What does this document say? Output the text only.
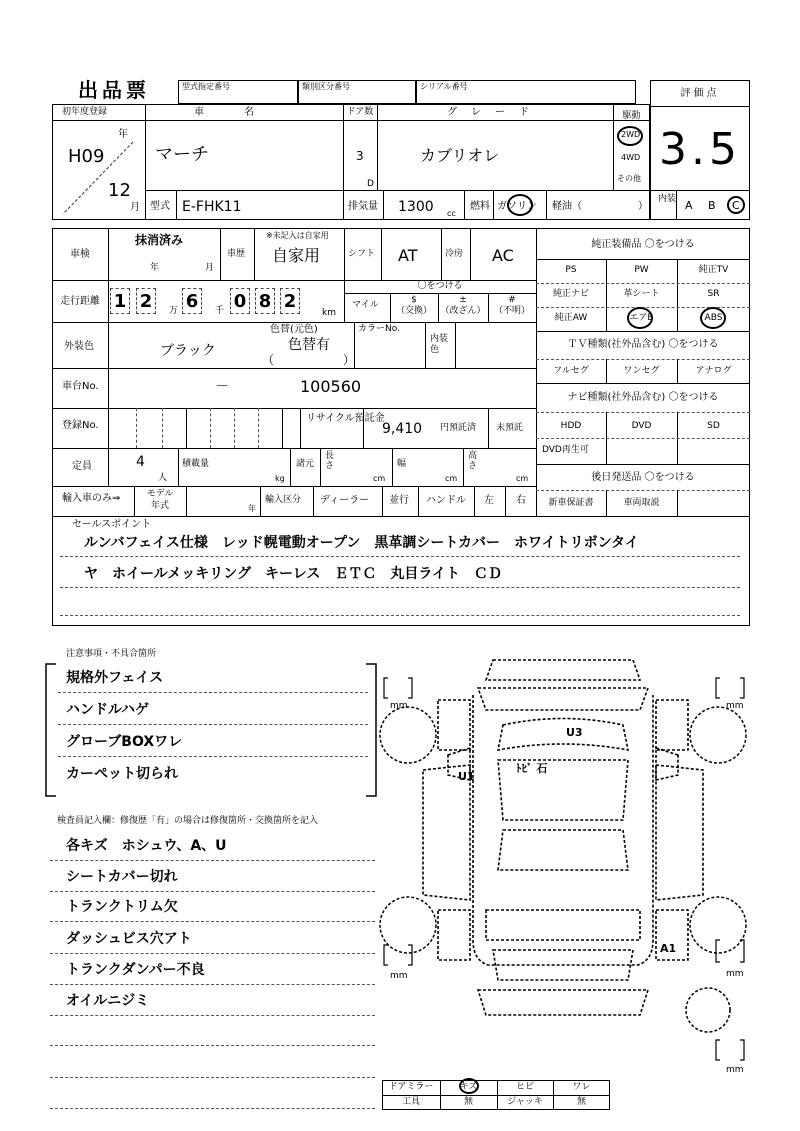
出品票	型式指定番号	類別区分番号	シリアル番号
評価点
3.5
内装 A B C
初年度登録	車名	ドア数	グレード	駆動
年
H09
12
月
マーチ	3
D
カブリオレ
2WD
4WD
その他
型式 E-FHK11	排気量 1300 cc
燃料 ガソリン 軽油（	）
車検
抹消済み
年	月
車歴
※未記入は自家用
自家用	シフト AT	冷房 AC
走行距離 1 2	万 6	千 0 8 2
km
〇をつける
マイル	$
（交換）
±
（改ざん）
#
（不明）
外装色
色替(元色)
ブラック	色替有
（	）
カラーNo.
内装色
車台No.	－	100560
登録No.
リサイクル預託金
9,410 円預託済 未預託
定員	4
人
積載量
kg
諸元
長さ
cm
幅
cm
高さ
cm
輸入車のみ⇒	モデル
年式	年
輸入区分 ディーラー 並行 ハンドル 左 右
純正装備品 〇をつける
PS	PW	純正TV
純正ナビ	革シート	SR
純正AW	エアB	ABS
ＴＶ種類(社外品含む) 〇をつける
フルセグ	ワンセグ	アナログ
ナビ種類(社外品含む) 〇をつける
HDD	DVD	SD
DVD再生可
後日発送品 〇をつける
新車保証書	車両取説
セールスポイント
ルンバフェイス仕様　レッド幌電動オープン　黒革調シートカバー　ホワイトリボンタイ
ヤ　ホイールメッキリング　キーレス　ＥＴＣ　丸目ライト　ＣＤ
注意事項・不具合箇所
規格外フェイス
ハンドルハゲ
グローブBOXワレ
カーペット切られ
検査員記入欄：修復歴「有」の場合は修復箇所・交換箇所を記入
各キズ　ホシュウ、A、U
シートカバー切れ
トランクトリム欠
ダッシュビス穴アト
トランクダンパー不良
オイルニジミ
mm	mm
mm	mm
mm
U3
U1
ﾄﾋﾞ 石
A1
ドアミラー	キズ	ヒビ	ワレ
工具	無	ジャッキ	無
